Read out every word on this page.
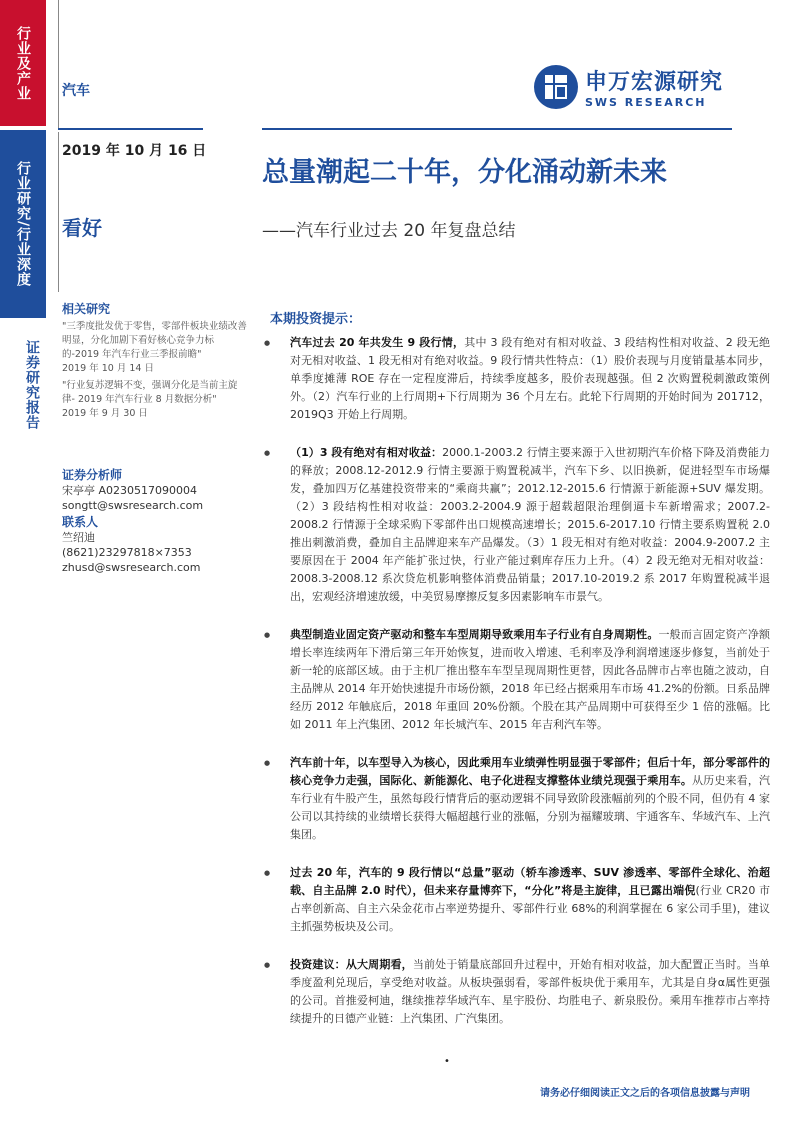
行业及产业
行业研究/行业深度
证券研究报告
汽车	申万宏源研究
SWS RESEARCH
2019 年 10 月 16 日
看好
总量潮起二十年，分化涌动新未来
——汽车行业过去 20 年复盘总结
相关研究
"三季度批发优于零售，零部件板块业绩改善明显，分化加剧下看好核心竞争力标的-2019 年汽车行业三季报前瞻"
2019 年 10 月 14 日
"行业复苏逻辑不变，强调分化是当前主旋律- 2019 年汽车行业 8 月数据分析"
2019 年 9 月 30 日
证券分析师
宋亭亭 A0230517090004
songtt@swsresearch.com
联系人
竺绍迪
(8621)23297818×7353
zhusd@swsresearch.com
本期投资提示：
● 汽车过去 20 年共发生 9 段行情，其中 3 段有绝对有相对收益、3 段结构性相对收益、2 段无绝对无相对收益、1 段无相对有绝对收益。9 段行情共性特点：（1）股价表现与月度销量基本同步，单季度摊薄 ROE 存在一定程度滞后，持续季度越多，股价表现越强。但 2 次购置税刺激政策例外。（2）汽车行业的上行周期+下行周期为 36 个月左右。此轮下行周期的开始时间为 201712，2019Q3 开始上行周期。
● （1）3 段有绝对有相对收益：2000.1-2003.2 行情主要来源于入世初期汽车价格下降及消费能力的释放；2008.12-2012.9 行情主要源于购置税减半，汽车下乡、以旧换新，促进轻型车市场爆发，叠加四万亿基建投资带来的“乘商共赢”；2012.12-2015.6 行情源于新能源+SUV 爆发期。（2）3 段结构性相对收益：2003.2-2004.9 源于超载超限治理倒逼卡车新增需求；2007.2-2008.2 行情源于全球采购下零部件出口规模高速增长；2015.6-2017.10 行情主要系购置税 2.0 推出刺激消费，叠加自主品牌迎来车产品爆发。（3）1 段无相对有绝对收益：2004.9-2007.2 主要原因在于 2004 年产能扩张过快，行业产能过剩库存压力上升。（4）2 段无绝对无相对收益：2008.3-2008.12 系次贷危机影响整体消费品销量；2017.10-2019.2 系 2017 年购置税减半退出，宏观经济增速放缓，中美贸易摩擦反复多因素影响车市景气。
● 典型制造业固定资产驱动和整车车型周期导致乘用车子行业有自身周期性。一般而言固定资产净额增长率连续两年下滑后第三年开始恢复，进而收入增速、毛利率及净利润增速逐步修复，当前处于新一轮的底部区域。由于主机厂推出整车车型呈现周期性更替，因此各品牌市占率也随之波动，自主品牌从 2014 年开始快速提升市场份额，2018 年已经占据乘用车市场 41.2%的份额。日系品牌经历 2012 年触底后，2018 年重回 20%份额。个股在其产品周期中可获得至少 1 倍的涨幅。比如 2011 年上汽集团、2012 年长城汽车、2015 年吉利汽车等。
● 汽车前十年，以车型导入为核心，因此乘用车业绩弹性明显强于零部件；但后十年，部分零部件的核心竞争力走强，国际化、新能源化、电子化进程支撑整体业绩兑现强于乘用车。从历史来看，汽车行业有牛股产生，虽然每段行情背后的驱动逻辑不同导致阶段涨幅前列的个股不同，但仍有 4 家公司以其持续的业绩增长获得大幅超越行业的涨幅，分别为福耀玻璃、宇通客车、华域汽车、上汽集团。
● 过去 20 年，汽车的 9 段行情以“总量”驱动（轿车渗透率、SUV 渗透率、零部件全球化、治超载、自主品牌 2.0 时代），但未来存量博弈下，“分化”将是主旋律，且已露出端倪(行业 CR20 市占率创新高、自主六朵金花市占率逆势提升、零部件行业 68%的利润掌握在 6 家公司手里)，建议主抓强势板块及公司。
● 投资建议：从大周期看，当前处于销量底部回升过程中，开始有相对收益，加大配置正当时。当单季度盈利兑现后，享受绝对收益。从板块强弱看，零部件板块优于乘用车，尤其是自身α属性更强的公司。首推爱柯迪，继续推荐华域汽车、星宇股份、均胜电子、新泉股份。乘用车推荐市占率持续提升的日德产业链：上汽集团、广汽集团。
•
请务必仔细阅读正文之后的各项信息披露与声明
